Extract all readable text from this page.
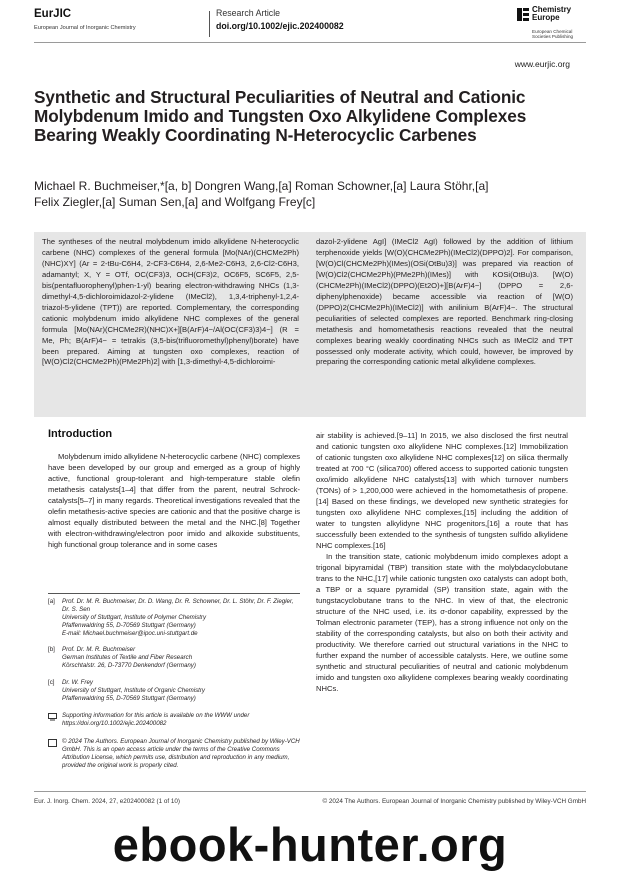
EurJIC
European Journal of Inorganic Chemistry
Research Article
doi.org/10.1002/ejic.202400082
Chemistry Europe
European Chemical
Societies Publishing
www.eurjic.org
Synthetic and Structural Peculiarities of Neutral and Cationic Molybdenum Imido and Tungsten Oxo Alkylidene Complexes Bearing Weakly Coordinating N-Heterocyclic Carbenes
Michael R. Buchmeiser,*[a, b] Dongren Wang,[a] Roman Schowner,[a] Laura Stöhr,[a]
Felix Ziegler,[a] Suman Sen,[a] and Wolfgang Frey[c]
The syntheses of the neutral molybdenum imido alkylidene N-heterocyclic carbene (NHC) complexes of the general formula [Mo(NAr)(CHCMe2Ph)(NHC)XY] (Ar = 2-tBu-C6H4, 2-CF3-C6H4, 2,6-Me2-C6H3, 2,6-Cl2-C6H3, adamantyl; X, Y = OTf, OC(CF3)3, OCH(CF3)2, OC6F5, SC6F5, 2,5-bis(pentafluorophenyl)phen-1-yl) bearing electron-withdrawing NHCs (1,3-dimethyl-4,5-dichloroimidazol-2-ylidene (IMeCl2), 1,3,4-triphenyl-1,2,4-triazol-5-ylidene (TPT)) are reported. Complementary, the corresponding cationic molybdenum imido alkylidene NHC complexes of the general formula [Mo(NAr)(CHCMe2R)(NHC)X+][B(ArF)4−/Al(OC(CF3)3)4−] (R = Me, Ph; B(ArF)4− = tetrakis (3,5-bis(trifluoromethyl)phenyl)borate) have been prepared. Aiming at tungsten oxo complexes, reaction of [W(O)Cl2(CHCMe2Ph)(PMe2Ph)2] with [1,3-dimethyl-4,5-dichloroimi-
dazol-2-ylidene AgI] (IMeCl2 AgI) followed by the addition of lithium terphenoxide yields [W(O)(CHCMe2Ph)(IMeCl2)(DPPO)2]. For comparison, [W(O)Cl(CHCMe2Ph)(IMes)(OSi(OtBu)3)] was prepared via reaction of [W(O)Cl2(CHCMe2Ph)(PMe2Ph)(IMes)] with KOSi(OtBu)3. [W(O)(CHCMe2Ph)(IMeCl2)(DPPO)(Et2O)+][B(ArF)4−] (DPPO = 2,6-diphenylphenoxide) became accessible via reaction of [W(O)(DPPO)2(CHCMe2Ph)(IMeCl2)] with anilinium B(ArF)4−. The structural peculiarities of selected complexes are reported. Benchmark ring-closing metathesis and homometathesis reactions revealed that the neutral complexes bearing weakly coordinating NHCs such as IMeCl2 and TPT possessed only moderate activity, which could, however, be improved by preparing the corresponding cationic metal alkylidene complexes.
Introduction

Molybdenum imido alkylidene N-heterocyclic carbene (NHC) complexes have been developed by our group and emerged as a group of highly active, functional group-tolerant and high-temperature stable olefin metathesis catalysts[1–4] that differ from the parent, neutral Schrock-catalysts[5–7] in many regards. Theoretical investigations revealed that the olefin metathesis-active species are cationic and that the positive charge is almost equally distributed between the metal and the NHC.[8] Together with electron-withdrawing/electron poor imido and alkoxide substituents, high functional group tolerance and in some cases

air stability is achieved.[9–11] In 2015, we also disclosed the first neutral and cationic tungsten oxo alkylidene NHC complexes.[12] Immobilization of cationic tungsten oxo alkylidene NHC complexes[12] on silica thermally treated at 700 °C (silica700) offered access to supported cationic tungsten oxo/imido alkylidene NHC catalysts[13] with which turnover numbers (TONs) of > 1,200,000 were achieved in the homometathesis of propene.[14] Based on these findings, we developed new synthetic strategies for tungsten oxo alkylidene NHC complexes,[15] including the addition of water to tungsten alkylidyne NHC progenitors,[16] a route that has successfully been extended to the synthesis of tungsten sulfido alkylidene NHC complexes.[16]

In the transition state, cationic molybdenum imido complexes adopt a trigonal bipyramidal (TBP) transition state with the molybdacyclobutane trans to the NHC,[17] while cationic tungsten oxo catalysts can adopt both, a TBP or a square pyramidal (SP) transition state, again with the tungstacyclobutane trans to the NHC. In view of that, the electronic structure of the NHC used, i.e. its σ-donor capability, expressed by the Tolman electronic parameter (TEP), has a strong influence not only on the stability of the corresponding catalysts, but also on both their activity and productivity. We therefore carried out structural variations in the NHC to further expand the number of accessible catalysts. Here, we outline some synthetic and structural peculiarities of neutral and cationic molybdenum imido and tungsten oxo alkylidene complexes bearing weakly coordinating NHCs.

[a] Prof. Dr. M. R. Buchmeiser, Dr. D. Wang, Dr. R. Schowner, Dr. L. Stöhr, Dr. F. Ziegler, Dr. S. Sen
University of Stuttgart, Institute of Polymer Chemistry
Pfaffenwaldring 55, D-70569 Stuttgart (Germany)
E-mail: Michael.buchmeiser@ipoc.uni-stuttgart.de
[b] Prof. Dr. M. R. Buchmeiser
German Institutes of Textile and Fiber Research
Körschtalstr. 26, D-73770 Denkendorf (Germany)
[c] Dr. W. Frey
University of Stuttgart, Institute of Organic Chemistry
Pfaffenwaldring 55, D-70569 Stuttgart (Germany)
Supporting information for this article is available on the WWW under https://doi.org/10.1002/ejic.202400082
© 2024 The Authors. European Journal of Inorganic Chemistry published by Wiley-VCH GmbH. This is an open access article under the terms of the Creative Commons Attribution License, which permits use, distribution and reproduction in any medium, provided the original work is properly cited.
Eur. J. Inorg. Chem. 2024, 27, e202400082 (1 of 10)	© 2024 The Authors. European Journal of Inorganic Chemistry published by Wiley-VCH GmbH
ebook-hunter.org
